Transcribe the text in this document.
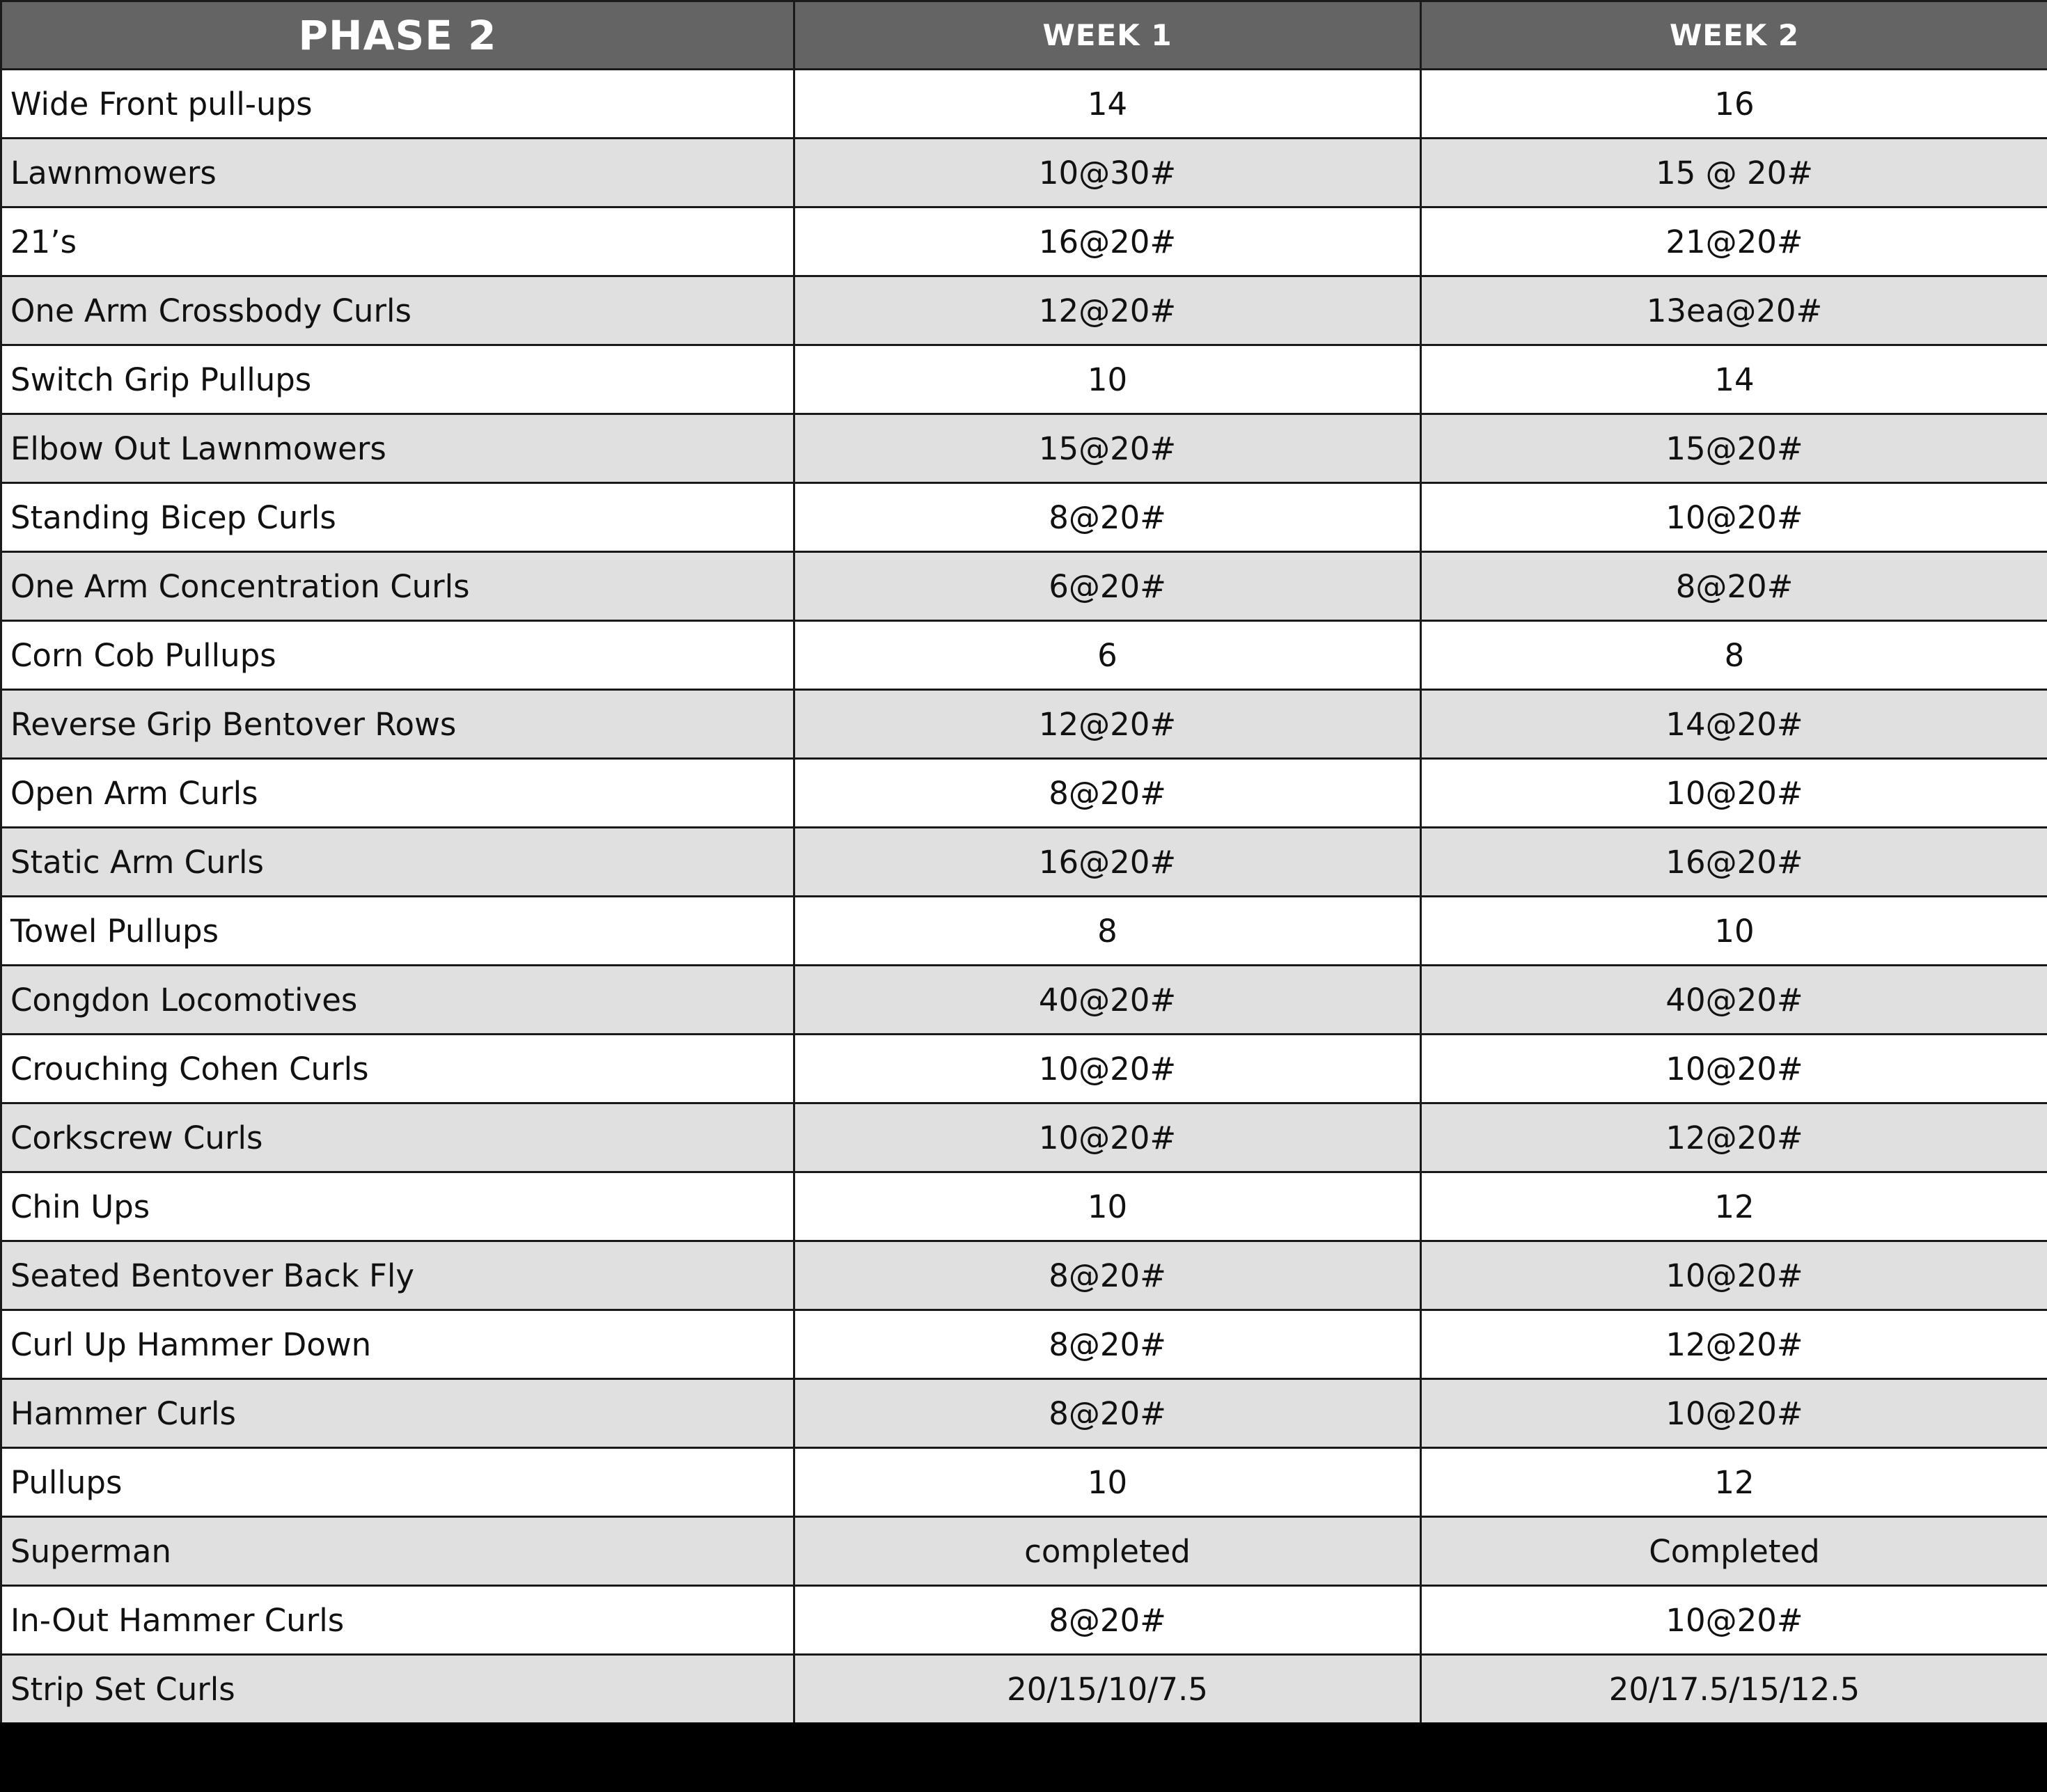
PHASE 2	WEEK 1	WEEK 2
Wide Front pull-ups	14	16
Lawnmowers	10@30#	15 @ 20#
21’s	16@20#	21@20#
One Arm Crossbody Curls	12@20#	13ea@20#
Switch Grip Pullups	10	14
Elbow Out Lawnmowers	15@20#	15@20#
Standing Bicep Curls	8@20#	10@20#
One Arm Concentration Curls	6@20#	8@20#
Corn Cob Pullups	6	8
Reverse Grip Bentover Rows	12@20#	14@20#
Open Arm Curls	8@20#	10@20#
Static Arm Curls	16@20#	16@20#
Towel Pullups	8	10
Congdon Locomotives	40@20#	40@20#
Crouching Cohen Curls	10@20#	10@20#
Corkscrew Curls	10@20#	12@20#
Chin Ups	10	12
Seated Bentover Back Fly	8@20#	10@20#
Curl Up Hammer Down	8@20#	12@20#
Hammer Curls	8@20#	10@20#
Pullups	10	12
Superman	completed	Completed
In-Out Hammer Curls	8@20#	10@20#
Strip Set Curls	20/15/10/7.5	20/17.5/15/12.5
